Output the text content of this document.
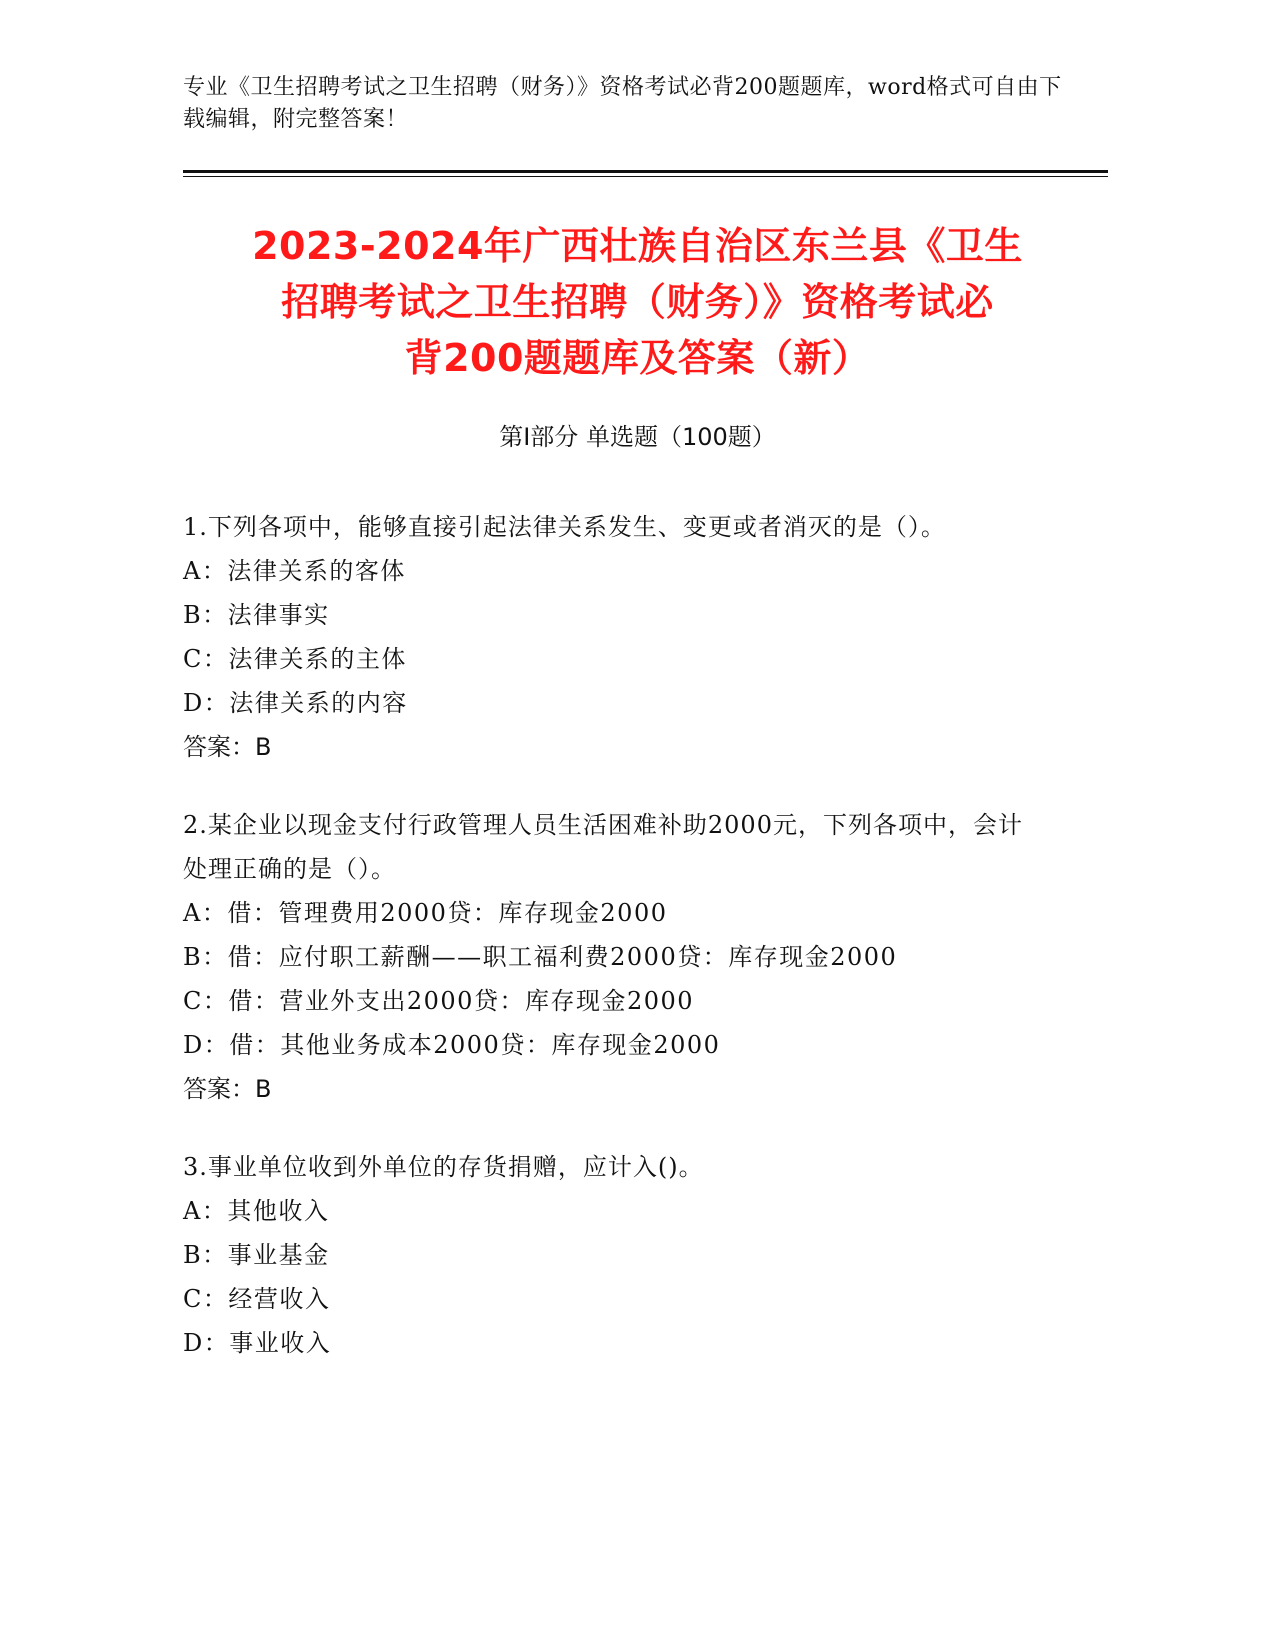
专业《卫生招聘考试之卫生招聘（财务）》资格考试必背200题题库，word格式可自由下载编辑，附完整答案！
2023-2024年广西壮族自治区东兰县《卫生
招聘考试之卫生招聘（财务）》资格考试必
背200题题库及答案（新）
第Ⅰ部分 单选题（100题）
1.下列各项中，能够直接引起法律关系发生、变更或者消灭的是（）。
A：法律关系的客体
B：法律事实
C：法律关系的主体
D：法律关系的内容
答案：B
2.某企业以现金支付行政管理人员生活困难补助2000元，下列各项中，会计处理正确的是（）。
A：借：管理费用2000贷：库存现金2000
B：借：应付职工薪酬——职工福利费2000贷：库存现金2000
C：借：营业外支出2000贷：库存现金2000
D：借：其他业务成本2000贷：库存现金2000
答案：B
3.事业单位收到外单位的存货捐赠，应计入()。
A：其他收入
B：事业基金
C：经营收入
D：事业收入
